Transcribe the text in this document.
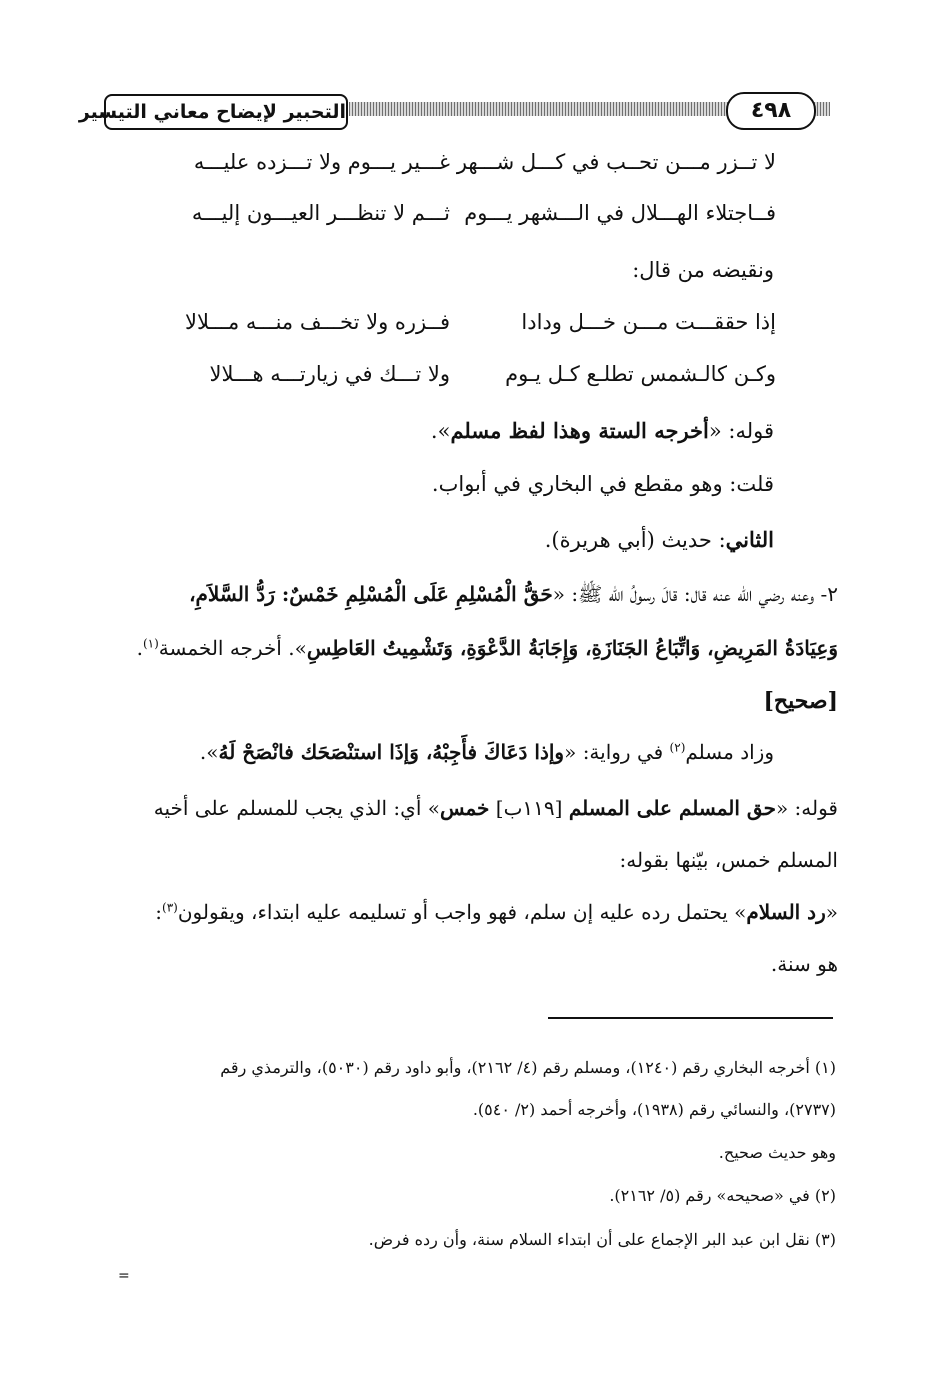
التحبير لإيضاح معاني التيسير	٤٩٨
لا تــزر مـــن تحــب في كـــل شـــهر
غـــير يـــوم ولا تـــزده عليـــه
فــاجتلاء الهـــلال في الـــشهر يـــوم
ثـــم لا تنظـــر العيـــون إليـــه
ونقيضه من قال:
إذا حققـــت مـــن خـــل ودادا
فــزره ولا تخـــف منـــه مـــلالا
وكـن كالـشمس تطلـع كـل يـوم
ولا تـــك في زيارتـــه هـــلالا
قوله: «أخرجه الستة وهذا لفظ مسلم».
قلت: وهو مقطع في البخاري في أبواب.
الثاني: حديث (أبي هريرة).
٢- وعنه رضي الله عنه قال: قالَ رسولُ الله ﷺ: «حَقُّ الْمُسْلِمِ عَلَى الْمُسْلِمِ خَمْسٌ: رَدُّ السَّلاَمِ،
وَعِيَادَةُ المَرِيضِ، وَاتِّبَاعُ الجَنَازَةِ، وَإِجَابَةُ الدَّعْوَةِ، وَتَشْمِيتُ العَاطِسِ». أخرجه الخمسة$^{(١)}$.
[صحيح]
وزاد مسلم$^{(٢)}$ في رواية: «وإذا دَعَاكَ فأَجِبْهُ، وَإذَا استنْصَحَك فانْصَحْ لَهُ».
قوله: «حق المسلم على المسلم [١١٩ب] خمس» أي: الذي يجب للمسلم على أخيه
المسلم خمس، بيّنها بقوله:
«رد السلام» يحتمل رده عليه إن سلم، فهو واجب أو تسليمه عليه ابتداء، ويقولون$^{(٣)}$:
هو سنة.
(١) أخرجه البخاري رقم (١٢٤٠)، ومسلم رقم (٤/ ٢١٦٢)، وأبو داود رقم (٥٠٣٠)، والترمذي رقم
(٢٧٣٧)، والنسائي رقم (١٩٣٨)، وأخرجه أحمد (٢/ ٥٤٠).
وهو حديث صحيح.
(٢) في «صحيحه» رقم (٥/ ٢١٦٢).
(٣) نقل ابن عبد البر الإجماع على أن ابتداء السلام سنة، وأن رده فرض.
=
